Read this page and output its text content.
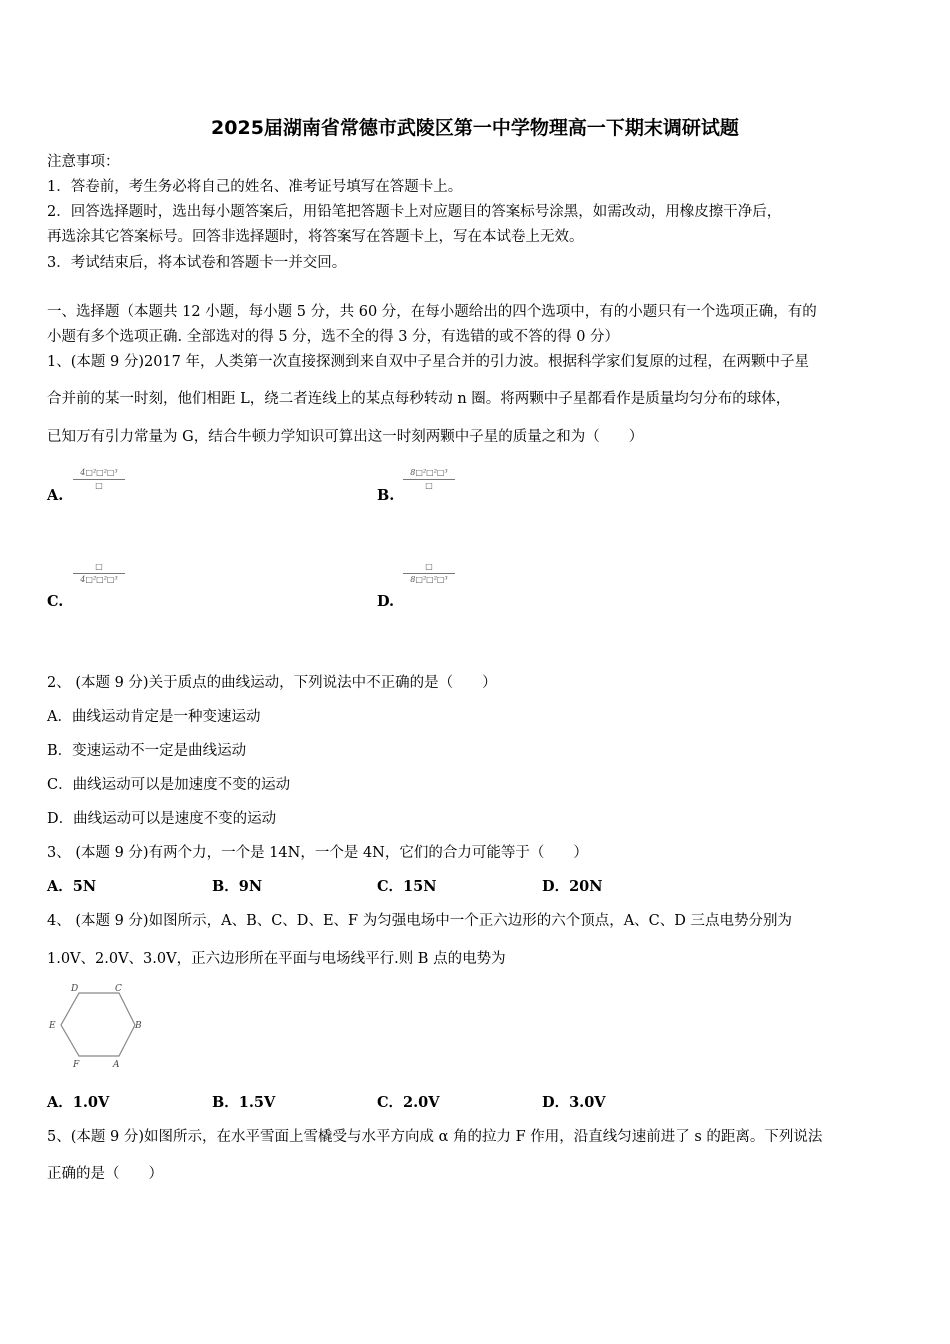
2025届湖南省常德市武陵区第一中学物理高一下期末调研试题
注意事项：
1．答卷前，考生务必将自己的姓名、准考证号填写在答题卡上。
2．回答选择题时，选出每小题答案后，用铅笔把答题卡上对应题目的答案标号涂黑，如需改动，用橡皮擦干净后，
再选涂其它答案标号。回答非选择题时，将答案写在答题卡上，写在本试卷上无效。
3．考试结束后，将本试卷和答题卡一并交回。
一、选择题（本题共 12 小题，每小题 5 分，共 60 分，在每小题给出的四个选项中，有的小题只有一个选项正确，有的
小题有多个选项正确. 全部选对的得 5 分，选不全的得 3 分，有选错的或不答的得 0 分）
1、(本题 9 分)2017 年，人类第一次直接探测到来自双中子星合并的引力波。根据科学家们复原的过程，在两颗中子星
合并前的某一时刻，他们相距 L，绕二者连线上的某点每秒转动 n 圈。将两颗中子星都看作是质量均匀分布的球体，
已知万有引力常量为 G，结合牛顿力学知识可算出这一时刻两颗中子星的质量之和为（　　）
A.
4□²□²□³
□
B.
8□²□²□³
□
C.
□
4□²□²□³
D.
□
8□²□²□³
2、 (本题 9 分)关于质点的曲线运动，下列说法中不正确的是（　　）
A．曲线运动肯定是一种变速运动
B．变速运动不一定是曲线运动
C．曲线运动可以是加速度不变的运动
D．曲线运动可以是速度不变的运动
3、 (本题 9 分)有两个力，一个是 14N，一个是 4N，它们的合力可能等于（　　）
A．5N	B．9N	C．15N	D．20N
4、 (本题 9 分)如图所示，A、B、C、D、E、F 为匀强电场中一个正六边形的六个顶点，A、C、D 三点电势分别为
1.0V、2.0V、3.0V，正六边形所在平面与电场线平行.则 B 点的电势为
D	C
E	B
F	A
A．1.0V	B．1.5V	C．2.0V	D．3.0V
5、(本题 9 分)如图所示，在水平雪面上雪橇受与水平方向成 α 角的拉力 F 作用，沿直线匀速前进了 s 的距离。下列说法
正确的是（　　）
